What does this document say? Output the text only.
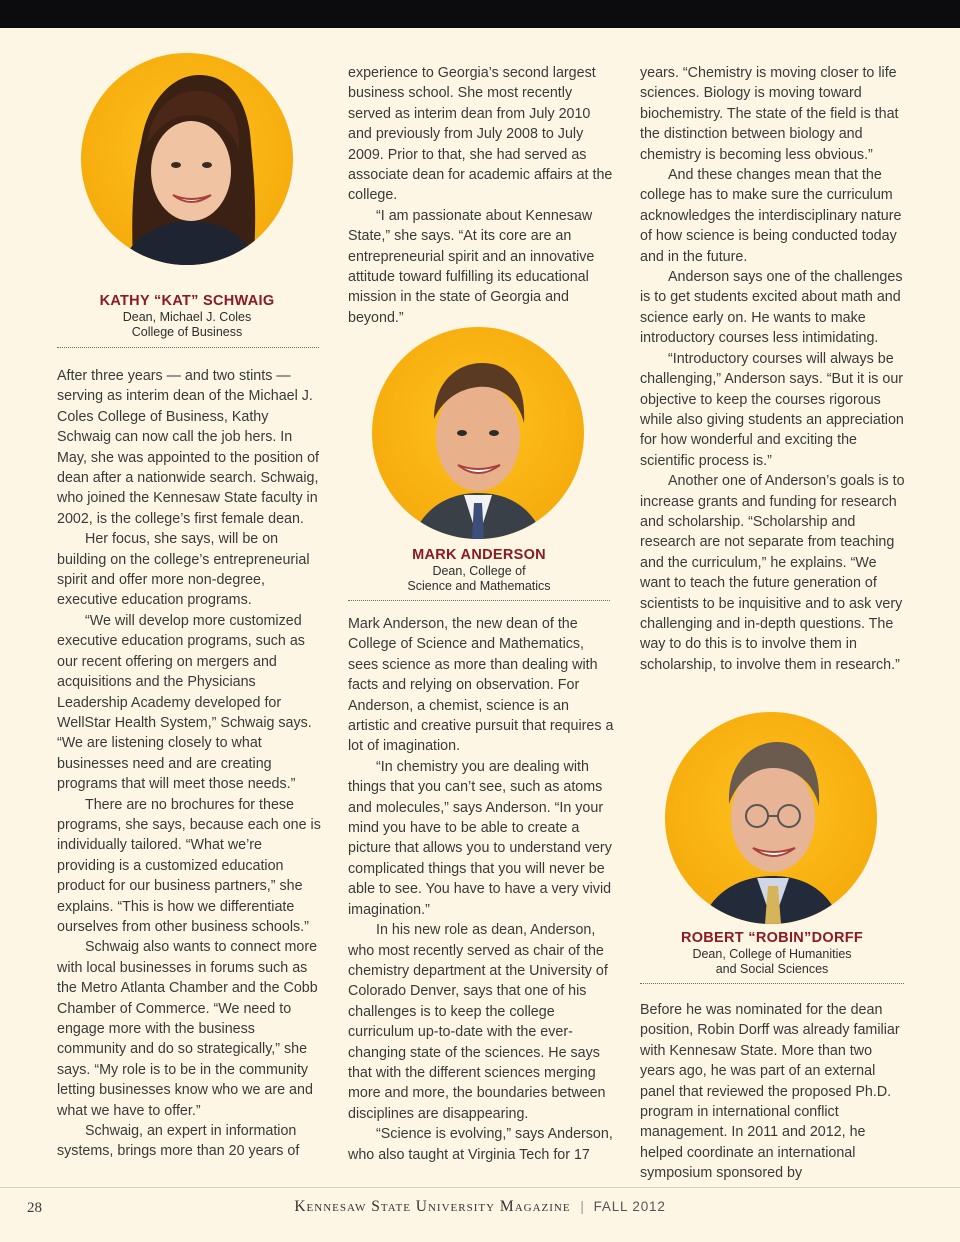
KATHY “KAT” SCHWAIG
Dean, Michael J. Coles
College of Business

After three years — and two stints — serving as interim dean of the Michael J. Coles College of Business, Kathy Schwaig can now call the job hers. In May, she was appointed to the position of dean after a nationwide search. Schwaig, who joined the Kennesaw State faculty in 2002, is the college’s first female dean.

Her focus, she says, will be on building on the college’s entrepreneurial spirit and offer more non-degree, executive education programs.

“We will develop more customized executive education programs, such as our recent offering on mergers and acquisitions and the Physicians Leadership Academy developed for WellStar Health System,” Schwaig says. “We are listening closely to what businesses need and are creating programs that will meet those needs.”

There are no brochures for these programs, she says, because each one is individually tailored. “What we’re providing is a customized education product for our business partners,” she explains. “This is how we differentiate ourselves from other business schools.”

Schwaig also wants to connect more with local businesses in forums such as the Metro Atlanta Chamber and the Cobb Chamber of Commerce. “We need to engage more with the business community and do so strategically,” she says. “My role is to be in the community letting businesses know who we are and what we have to offer.”

Schwaig, an expert in information systems, brings more than 20 years of

experience to Georgia’s second largest business school. She most recently served as interim dean from July 2010 and previously from July 2008 to July 2009. Prior to that, she had served as associate dean for academic affairs at the college.

“I am passionate about Kennesaw State,” she says. “At its core are an entrepreneurial spirit and an innovative attitude toward fulfilling its educational mission in the state of Georgia and beyond.”

MARK ANDERSON
Dean, College of
Science and Mathematics

Mark Anderson, the new dean of the College of Science and Mathematics, sees science as more than dealing with facts and relying on observation. For Anderson, a chemist, science is an artistic and creative pursuit that requires a lot of imagination.

“In chemistry you are dealing with things that you can’t see, such as atoms and molecules,” says Anderson. “In your mind you have to be able to create a picture that allows you to understand very complicated things that you will never be able to see. You have to have a very vivid imagination.”

In his new role as dean, Anderson, who most recently served as chair of the chemistry department at the University of Colorado Denver, says that one of his challenges is to keep the college curriculum up-to-date with the ever-changing state of the sciences. He says that with the different sciences merging more and more, the boundaries between disciplines are disappearing.

“Science is evolving,” says Anderson, who also taught at Virginia Tech for 17

years. “Chemistry is moving closer to life sciences. Biology is moving toward biochemistry. The state of the field is that the distinction between biology and chemistry is becoming less obvious.”

And these changes mean that the college has to make sure the curriculum acknowledges the interdisciplinary nature of how science is being conducted today and in the future.

Anderson says one of the challenges is to get students excited about math and science early on. He wants to make introductory courses less intimidating.

“Introductory courses will always be challenging,” Anderson says. “But it is our objective to keep the courses rigorous while also giving students an appreciation for how wonderful and exciting the scientific process is.”

Another one of Anderson’s goals is to increase grants and funding for research and scholarship. “Scholarship and research are not separate from teaching and the curriculum,” he explains. “We want to teach the future generation of scientists to be inquisitive and to ask very challenging and in-depth questions. The way to do this is to involve them in scholarship, to involve them in research.”

ROBERT “ROBIN”DORFF
Dean, College of Humanities
and Social Sciences

Before he was nominated for the dean position, Robin Dorff was already familiar with Kennesaw State. More than two years ago, he was part of an external panel that reviewed the proposed Ph.D. program in international conflict management. In 2011 and 2012, he helped coordinate an international symposium sponsored by

28	Kennesaw State University Magazine | FALL 2012
